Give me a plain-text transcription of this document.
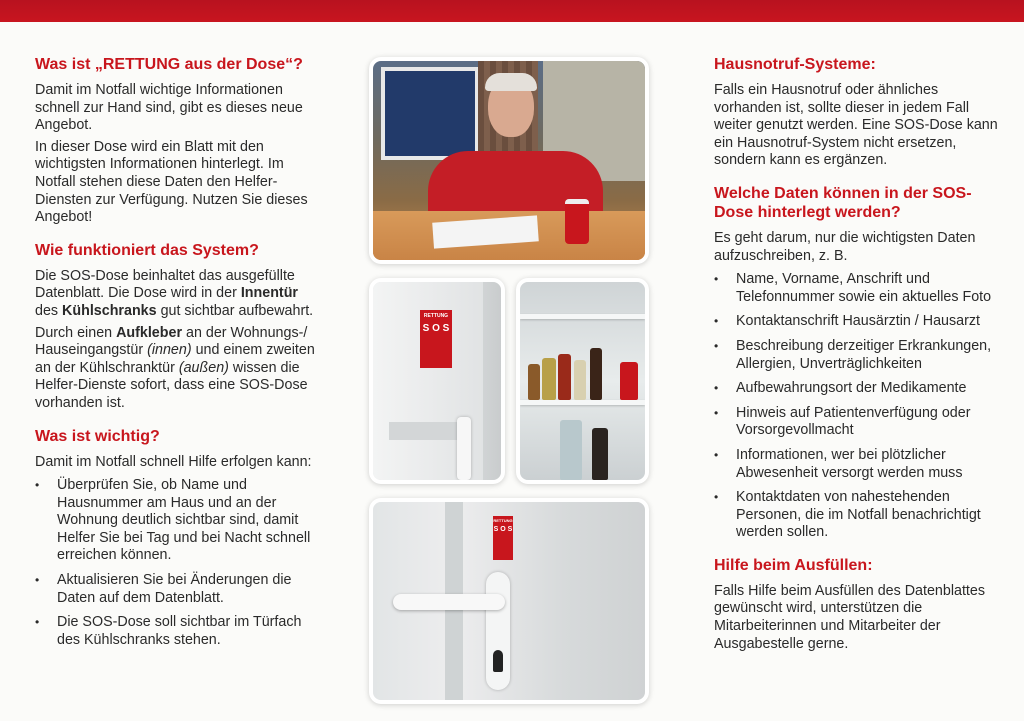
Was ist „RETTUNG aus der Dose“?

Damit im Notfall wichtige Informationen schnell zur Hand sind, gibt es dieses neue Angebot.

In dieser Dose wird ein Blatt mit den wichtigsten Informationen hinterlegt. Im Notfall stehen diese Daten den Helfer-Diensten zur Verfügung. Nutzen Sie dieses Angebot!

Wie funktioniert das System?

Die SOS-Dose beinhaltet das ausgefüllte Datenblatt. Die Dose wird in der Innentür des Kühlschranks gut sichtbar aufbewahrt.

Durch einen Aufkleber an der Wohnungs-/ Hauseingangstür (innen) und einem zweiten an der Kühlschranktür (außen) wissen die Helfer-Dienste sofort, dass eine SOS-Dose vorhanden ist.

Was ist wichtig?

Damit im Notfall schnell Hilfe erfolgen kann:

• Überprüfen Sie, ob Name und Hausnummer am Haus und an der Wohnung deutlich sichtbar sind, damit Helfer Sie bei Tag und bei Nacht schnell erreichen können.
• Aktualisieren Sie bei Änderungen die Daten auf dem Datenblatt.
• Die SOS-Dose soll sichtbar im Türfach des Kühlschranks stehen.
RETTUNG
S O S
RETTUNG
S O S
Hausnotruf-Systeme:

Falls ein Hausnotruf oder ähnliches vorhanden ist, sollte dieser in jedem Fall weiter genutzt werden. Eine SOS-Dose kann ein Hausnotruf-System nicht ersetzen, sondern kann es ergänzen.

Welche Daten können in der SOS-Dose hinterlegt werden?

Es geht darum, nur die wichtigsten Daten aufzuschreiben, z. B.

• Name, Vorname, Anschrift und Telefonnummer sowie ein aktuelles Foto
• Kontaktanschrift Hausärztin / Hausarzt
• Beschreibung derzeitiger Erkrankungen, Allergien, Unverträglichkeiten
• Aufbewahrungsort der Medikamente
• Hinweis auf Patientenverfügung oder Vorsorgevollmacht
• Informationen, wer bei plötzlicher Abwesenheit versorgt werden muss
• Kontaktdaten von nahestehenden Personen, die im Notfall benachrichtigt werden sollen.
Hilfe beim Ausfüllen:

Falls Hilfe beim Ausfüllen des Datenblattes gewünscht wird, unterstützen die Mitarbeiterinnen und Mitarbeiter der Ausgabestelle gerne.
